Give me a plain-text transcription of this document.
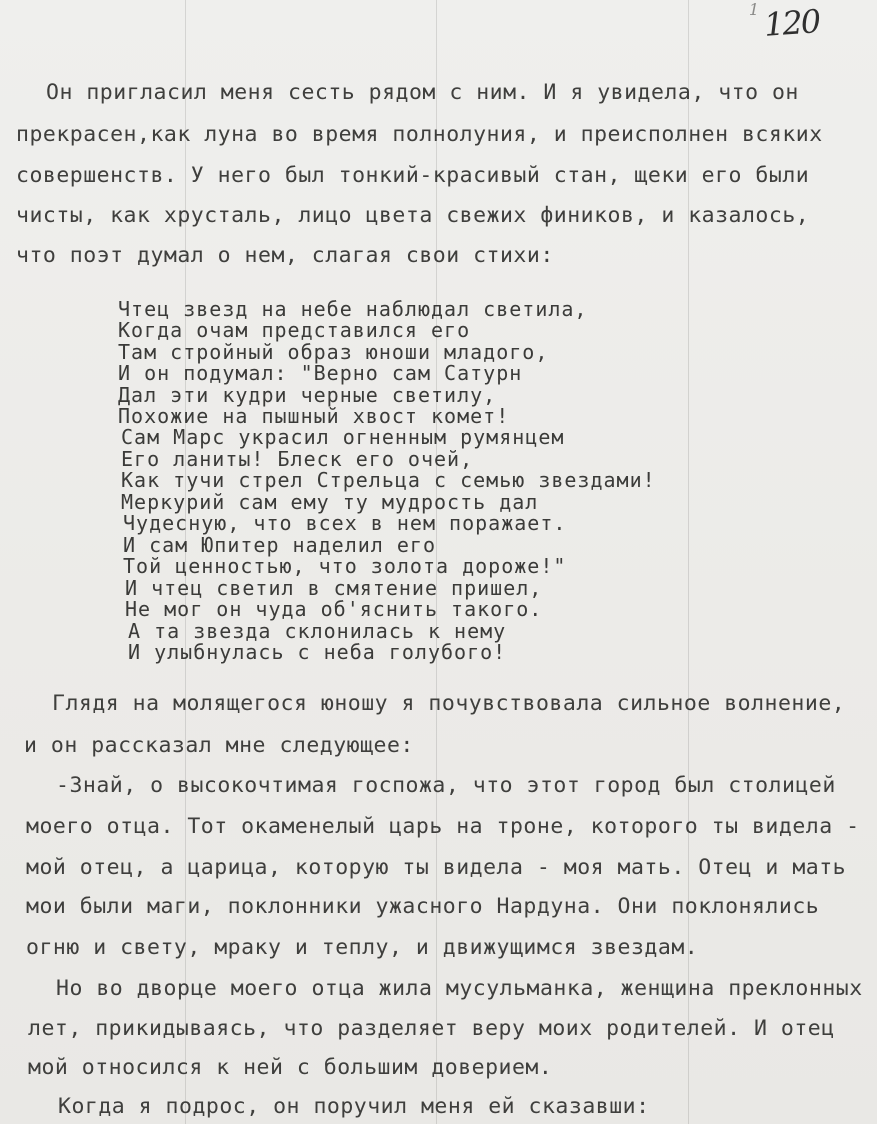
1 120

Он пригласил меня сесть рядом с ним. И я увидела, что он

прекрасен,как луна во время полнолуния, и преисполнен всяких

совершенств. У него был тонкий-красивый стан, щеки его были

чисты, как хрусталь, лицо цвета свежих фиников, и казалось,

что поэт думал о нем, слагая свои стихи:

Чтец звезд на небе наблюдал светила,
Когда очам представился его
Там стройный образ юноши младого,
И он подумал: "Верно сам Сатурн
Дал эти кудри черные светилу,
Похожие на пышный хвост комет!
Сам Марс украсил огненным румянцем
Его ланиты! Блеск его очей,
Как тучи стрел Стрельца с семью звездами!
Меркурий сам ему ту мудрость дал
Чудесную, что всех в нем поражает.
И сам Юпитер наделил его
Той ценностью, что золота дороже!"
И чтец светил в смятение пришел,
Не мог он чуда об'яснить такого.
А та звезда склонилась к нему
И улыбнулась с неба голубого!

Глядя на молящегося юношу я почувствовала сильное волнение,

и он рассказал мне следующее:

-Знай, о высокочтимая госпожа, что этот город был столицей

моего отца. Тот окаменелый царь на троне, которого ты видела -

мой отец, а царица, которую ты видела - моя мать. Отец и мать

мои были маги, поклонники ужасного Нардуна. Они поклонялись

огню и свету, мраку и теплу, и движущимся звездам.

Но во дворце моего отца жила мусульманка, женщина преклонных

лет, прикидываясь, что разделяет веру моих родителей. И отец

мой относился к ней с большим доверием.

Когда я подрос, он поручил меня ей сказавши:
